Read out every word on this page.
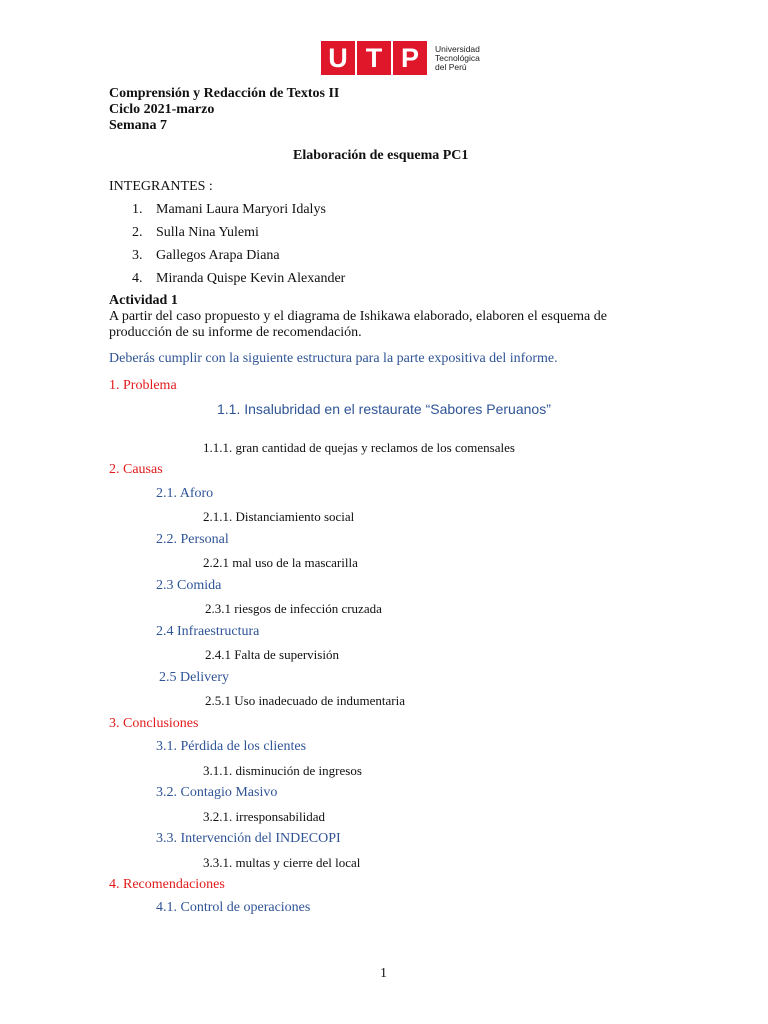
U T P	Universidad
Tecnológica
del Perú
Comprensión y Redacción de Textos II
Ciclo 2021-marzo
Semana 7
Elaboración de esquema PC1
INTEGRANTES :
1. Mamani Laura Maryori Idalys
2. Sulla Nina Yulemi
3. Gallegos Arapa Diana
4. Miranda Quispe Kevin Alexander
Actividad 1
A partir del caso propuesto y el diagrama de Ishikawa elaborado, elaboren el esquema de
producción de su informe de recomendación.
Deberás cumplir con la siguiente estructura para la parte expositiva del informe.
1. Problema
1.1. Insalubridad en el restaurate “Sabores Peruanos”
1.1.1. gran cantidad de quejas y reclamos de los comensales
2. Causas
2.1. Aforo
2.1.1. Distanciamiento social
2.2. Personal
2.2.1 mal uso de la mascarilla
2.3 Comida
2.3.1 riesgos de infección cruzada
2.4 Infraestructura
2.4.1 Falta de supervisión
2.5 Delivery
2.5.1 Uso inadecuado de indumentaria
3. Conclusiones
3.1. Pérdida de los clientes
3.1.1. disminución de ingresos
3.2. Contagio Masivo
3.2.1. irresponsabilidad
3.3. Intervención del INDECOPI
3.3.1. multas y cierre del local
4. Recomendaciones
4.1. Control de operaciones
1
